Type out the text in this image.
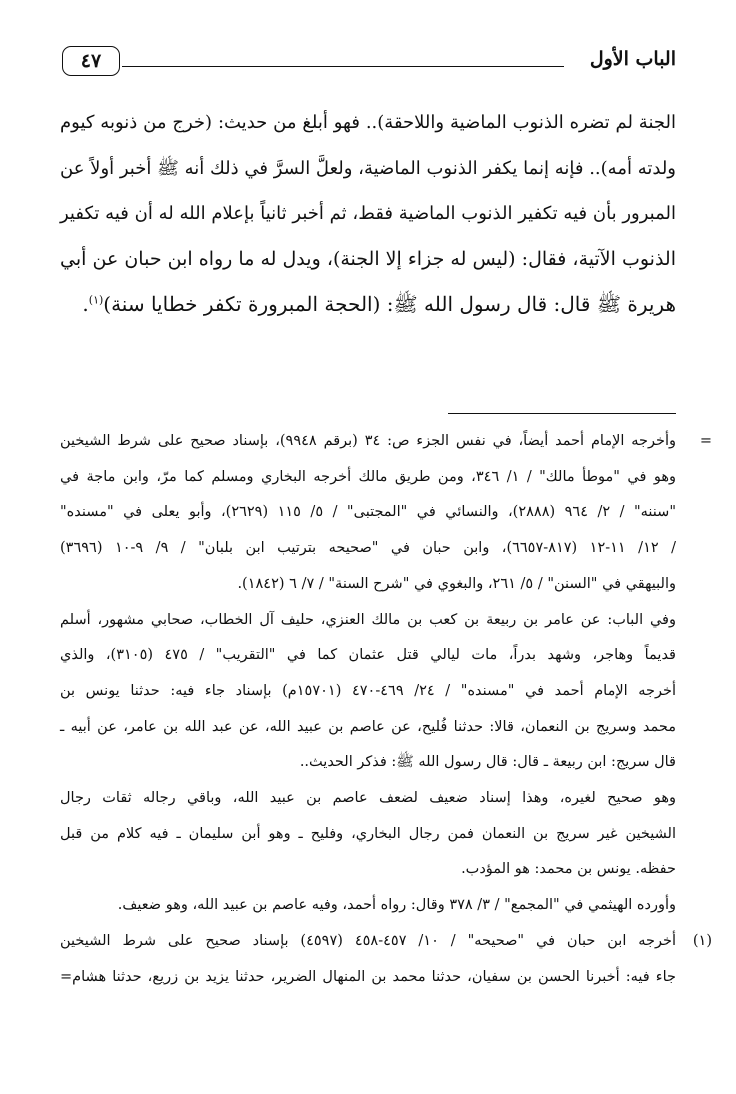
الباب الأول
٤٧
الجنة لم تضره الذنوب الماضية واللاحقة).. فهو أبلغ من حديث: (خرج من ذنوبه كيوم
ولدته أمه).. فإنه إنما يكفر الذنوب الماضية، ولعلَّ السرَّ في ذلك أنه ﷺ أخبر أولاً عن
المبرور بأن فيه تكفير الذنوب الماضية فقط، ثم أخبر ثانياً بإعلام الله له أن فيه تكفير
الذنوب الآتية، فقال: (ليس له جزاء إلا الجنة)، ويدل له ما رواه ابن حبان عن أبي
هريرة ﷺ قال: قال رسول الله ﷺ: (الحجة المبرورة تكفر خطايا سنة)$^{(١)}$.
=
وأخرجه الإمام أحمد أيضاً، في نفس الجزء ص: ٣٤ (برقم ٩٩٤٨)، بإسناد صحيح على شرط الشيخين
وهو في "موطأ مالك" / ١/ ٣٤٦، ومن طريق مالك أخرجه البخاري ومسلم كما مرّ، وابن ماجة في
"سننه" / ٢/ ٩٦٤ (٢٨٨٨)، والنسائي في "المجتبى" / ٥/ ١١٥ (٢٦٢٩)، وأبو يعلى في "مسنده"
/ ١٢/ ١١-١٢ (٨١٧-٦٦٥٧)، وابن حبان في "صحيحه بترتيب ابن بلبان" / ٩/ ٩-١٠ (٣٦٩٦)
والبيهقي في "السنن" / ٥/ ٢٦١، والبغوي في "شرح السنة" / ٧/ ٦ (١٨٤٢).
وفي الباب: عن عامر بن ربيعة بن كعب بن مالك العنزي، حليف آل الخطاب، صحابي مشهور، أسلم
قديماً وهاجر، وشهد بدراً، مات ليالي قتل عثمان كما في "التقريب" / ٤٧٥ (٣١٠٥)، والذي
أخرجه الإمام أحمد في "مسنده" / ٢٤/ ٤٦٩-٤٧٠ (١٥٧٠١م) بإسناد جاء فيه: حدثنا يونس بن
محمد وسريج بن النعمان، قالا: حدثنا فُليح، عن عاصم بن عبيد الله، عن عبد الله بن عامر، عن أبيه ـ
قال سريج: ابن ربيعة ـ قال: قال رسول الله ﷺ: فذكر الحديث..
وهو صحيح لغيره، وهذا إسناد ضعيف لضعف عاصم بن عبيد الله، وباقي رجاله ثقات رجال
الشيخين غير سريج بن النعمان فمن رجال البخاري، وفليح ـ وهو أبن سليمان ـ فيه كلام من قبل
حفظه. يونس بن محمد: هو المؤدب.
وأورده الهيثمي في "المجمع" / ٣/ ٣٧٨ وقال: رواه أحمد، وفيه عاصم بن عبيد الله، وهو ضعيف.
(١)
أخرجه ابن حبان في "صحيحه" / ١٠/ ٤٥٧-٤٥٨ (٤٥٩٧) بإسناد صحيح على شرط الشيخين
جاء فيه: أخبرنا الحسن بن سفيان، حدثنا محمد بن المنهال الضرير، حدثنا يزيد بن زريع، حدثنا هشام=
